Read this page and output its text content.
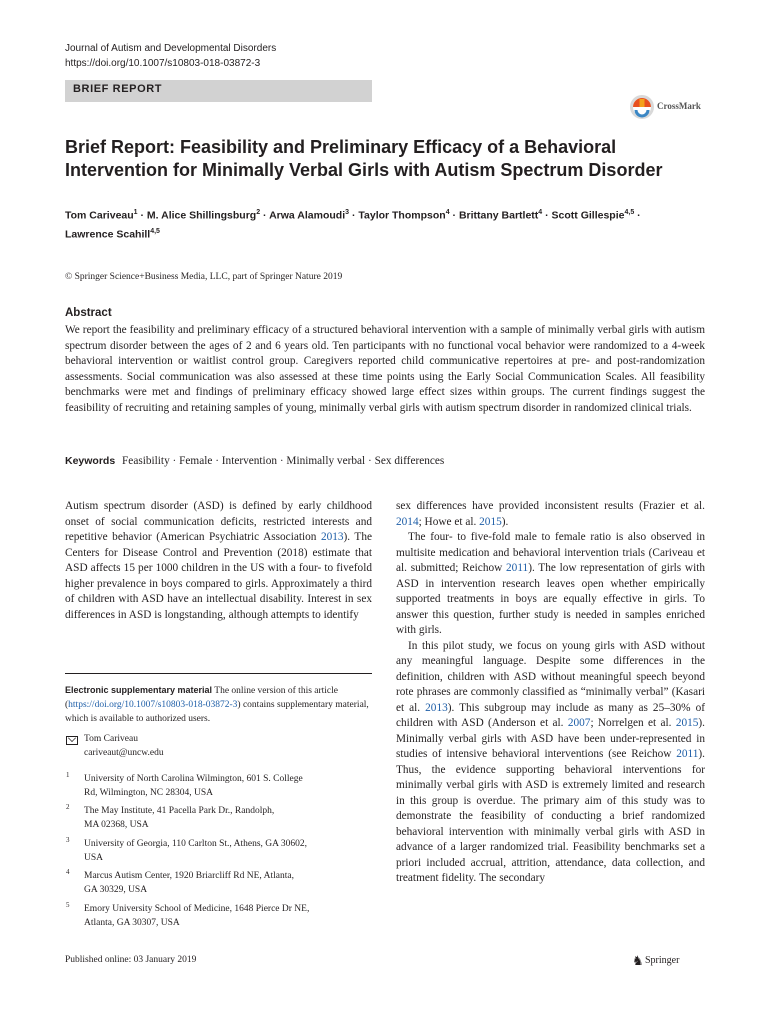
Journal of Autism and Developmental Disorders
https://doi.org/10.1007/s10803-018-03872-3
BRIEF REPORT
CrossMark
Brief Report: Feasibility and Preliminary Efficacy of a Behavioral Intervention for Minimally Verbal Girls with Autism Spectrum Disorder
Tom Cariveau$^1$ · M. Alice Shillingsburg$^2$ · Arwa Alamoudi$^3$ · Taylor Thompson$^4$ · Brittany Bartlett$^4$ · Scott Gillespie$^{4,5}$ ·
Lawrence Scahill$^{4,5}$
© Springer Science+Business Media, LLC, part of Springer Nature 2019
Abstract
We report the feasibility and preliminary efficacy of a structured behavioral intervention with a sample of minimally verbal girls with autism spectrum disorder between the ages of 2 and 6 years old. Ten participants with no functional vocal behavior were randomized to a 4-week behavioral intervention or waitlist control group. Caregivers reported child communicative repertoires at pre- and post-randomization assessments. Social communication was also assessed at these time points using the Early Social Communication Scales. All feasibility benchmarks were met and findings of preliminary efficacy showed large effect sizes within groups. The current findings suggest the feasibility of recruiting and retaining samples of young, minimally verbal girls with autism spectrum disorder in randomized clinical trials.
Keywords Feasibility · Female · Intervention · Minimally verbal · Sex differences

Autism spectrum disorder (ASD) is defined by early childhood onset of social communication deficits, restricted interests and repetitive behavior (American Psychiatric Association 2013). The Centers for Disease Control and Prevention (2018) estimate that ASD affects 15 per 1000 children in the US with a four- to fivefold higher prevalence in boys compared to girls. Approximately a third of children with ASD have an intellectual disability. Interest in sex differences in ASD is longstanding, although attempts to identify

sex differences have provided inconsistent results (Frazier et al. 2014; Howe et al. 2015).

The four- to five-fold male to female ratio is also observed in multisite medication and behavioral intervention trials (Cariveau et al. submitted; Reichow 2011). The low representation of girls with ASD in intervention research leaves open whether empirically supported treatments in boys are equally effective in girls. To answer this question, further study is needed in samples enriched with girls.

In this pilot study, we focus on young girls with ASD without any meaningful language. Despite some differences in the definition, children with ASD without meaningful speech beyond rote phrases are commonly classified as “minimally verbal” (Kasari et al. 2013). This subgroup may include as many as 25–30% of children with ASD (Anderson et al. 2007; Norrelgen et al. 2015). Minimally verbal girls with ASD have been under-represented in studies of intensive behavioral interventions (see Reichow 2011). Thus, the evidence supporting behavioral interventions for minimally verbal girls with ASD is extremely limited and research in this group is overdue. The primary aim of this study was to demonstrate the feasibility of conducting a brief randomized behavioral intervention with minimally verbal girls with ASD in advance of a larger randomized trial. Feasibility benchmarks set a priori included accrual, attrition, attendance, data collection, and treatment fidelity. The secondary

Electronic supplementary material The online version of this article (https://doi.org/10.1007/s10803-018-03872-3) contains supplementary material, which is available to authorized users.
Tom Cariveau
cariveaut@uncw.edu
1 University of North Carolina Wilmington, 601 S. College
Rd, Wilmington, NC 28304, USA
2 The May Institute, 41 Pacella Park Dr., Randolph,
MA 02368, USA
3 University of Georgia, 110 Carlton St., Athens, GA 30602,
USA
4 Marcus Autism Center, 1920 Briarcliff Rd NE, Atlanta,
GA 30329, USA
5 Emory University School of Medicine, 1648 Pierce Dr NE,
Atlanta, GA 30307, USA
Published online: 03 January 2019	♞ Springer
